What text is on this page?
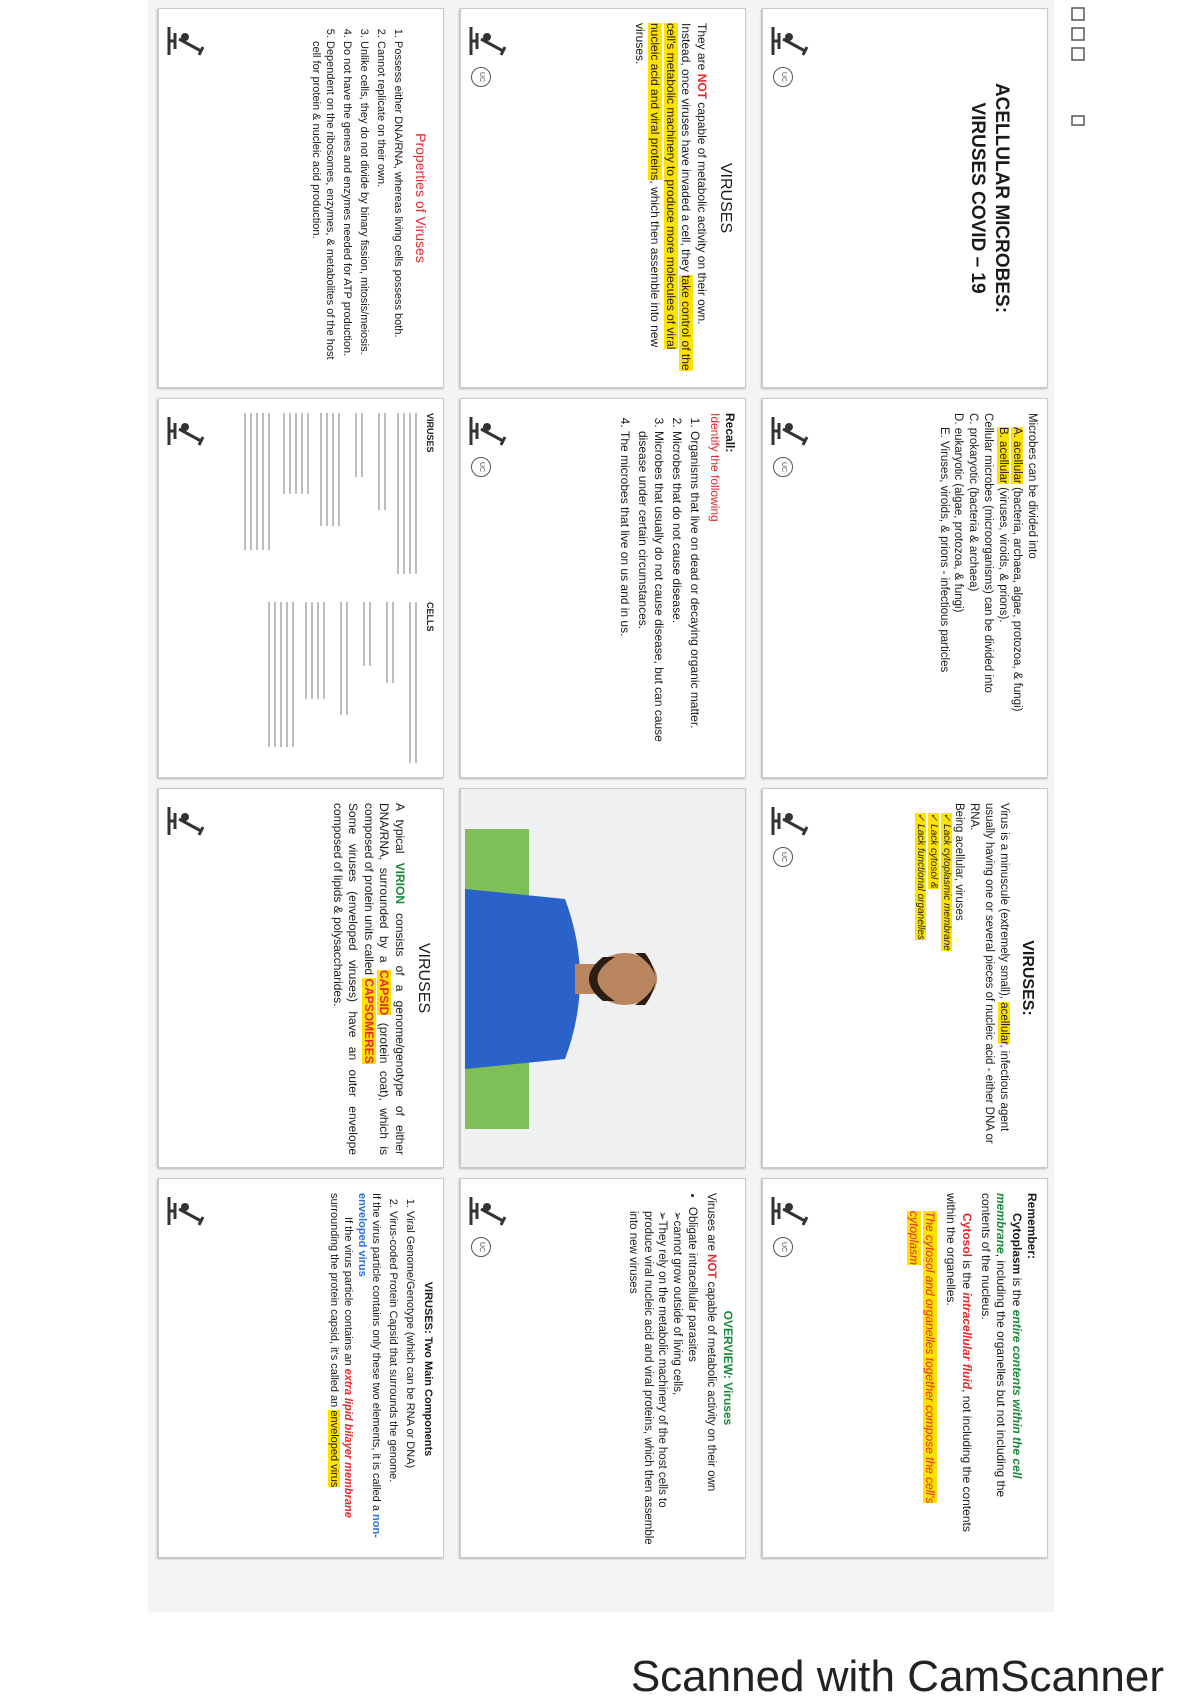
ACELLULAR MICROBES:
VIRUSES COVID – 19
UC
Microbes can be divided into
A. acellular (bacteria, archaea, algae, protozoa, & fungi)
B. acellular (viruses, viroids, & prions).
Cellular microbes (microorganisms) can be divided into
C. prokaryotic (bacteria & archaea)
D. eukaryotic (algae, protozoa, & fungi)
E. Viruses, viroids, & prions - infectious particles
UC
VIRUSES:
Virus is a minuscule (extremely small), acellular, infectious agent usually having one or several pieces of nucleic acid - either DNA or RNA.
Being acellular, viruses
✓ Lack cytoplasmic membrane
✓ Lack cytosol &
✓ Lack functional organelles
UC
Remember:
Cytoplasm is the entire contents within the cell membrane, including the organelles but not including the contents of the nucleus.
Cytosol is the intracellular fluid, not including the contents within the organelles.
The cytosol and organelles together compose the cell's cytoplasm
UC
VIRUSES
They are NOT capable of metabolic activity on their own.
Instead, once viruses have invaded a cell, they take control of the cell's metabolic machinery to produce more molecules of viral nucleic acid and viral proteins, which then assemble into new viruses.
UC
Recall:
Identify the following
1. Organisms that live on dead or decaying organic matter.
2. Microbes that do not cause disease.
3. Microbes that usually do not cause disease, but can cause disease under certain circumstances.
4. The microbes that live on us and in us.
UC
OVERVIEW: Viruses
Viruses are NOT capable of metabolic activity on their own
• Obligate intracellular parasites
➢cannot grow outside of living cells,
➢They rely on the metabolic machinery of the host cells to produce viral nucleic acid and viral proteins, which then assemble into new viruses
UC
Properties of Viruses
1. Possess either DNA/RNA, whereas living cells possess both.
2. Cannot replicate on their own.
3. Unlike cells, they do not divide by binary fission, mitosis/meiosis.
4. Do not have the genes and enzymes needed for ATP production.
5. Dependent on the ribosomes, enzymes, & metabolites of the host cell for protein & nucleic acid production.
VIRUSES
CELLS
VIRUSES
A typical VIRION consists of a genome/genotype of either DNA/RNA, surrounded by a CAPSID (protein coat), which is composed of protein units called CAPSOMERES
Some viruses (enveloped viruses) have an outer envelope composed of lipids & polysaccharides.
VIRUSES: Two Main Components
1. Viral Genome/Genotype (which can be RNA or DNA)
2. Virus-coded Protein Capsid that surrounds the genome.
If the virus particle contains only these two elements, it is called a non-enveloped virus
If the virus particle contains an extra lipid bilayer membrane surrounding the protein capsid, it's called an enveloped virus
Scanned with CamScanner
